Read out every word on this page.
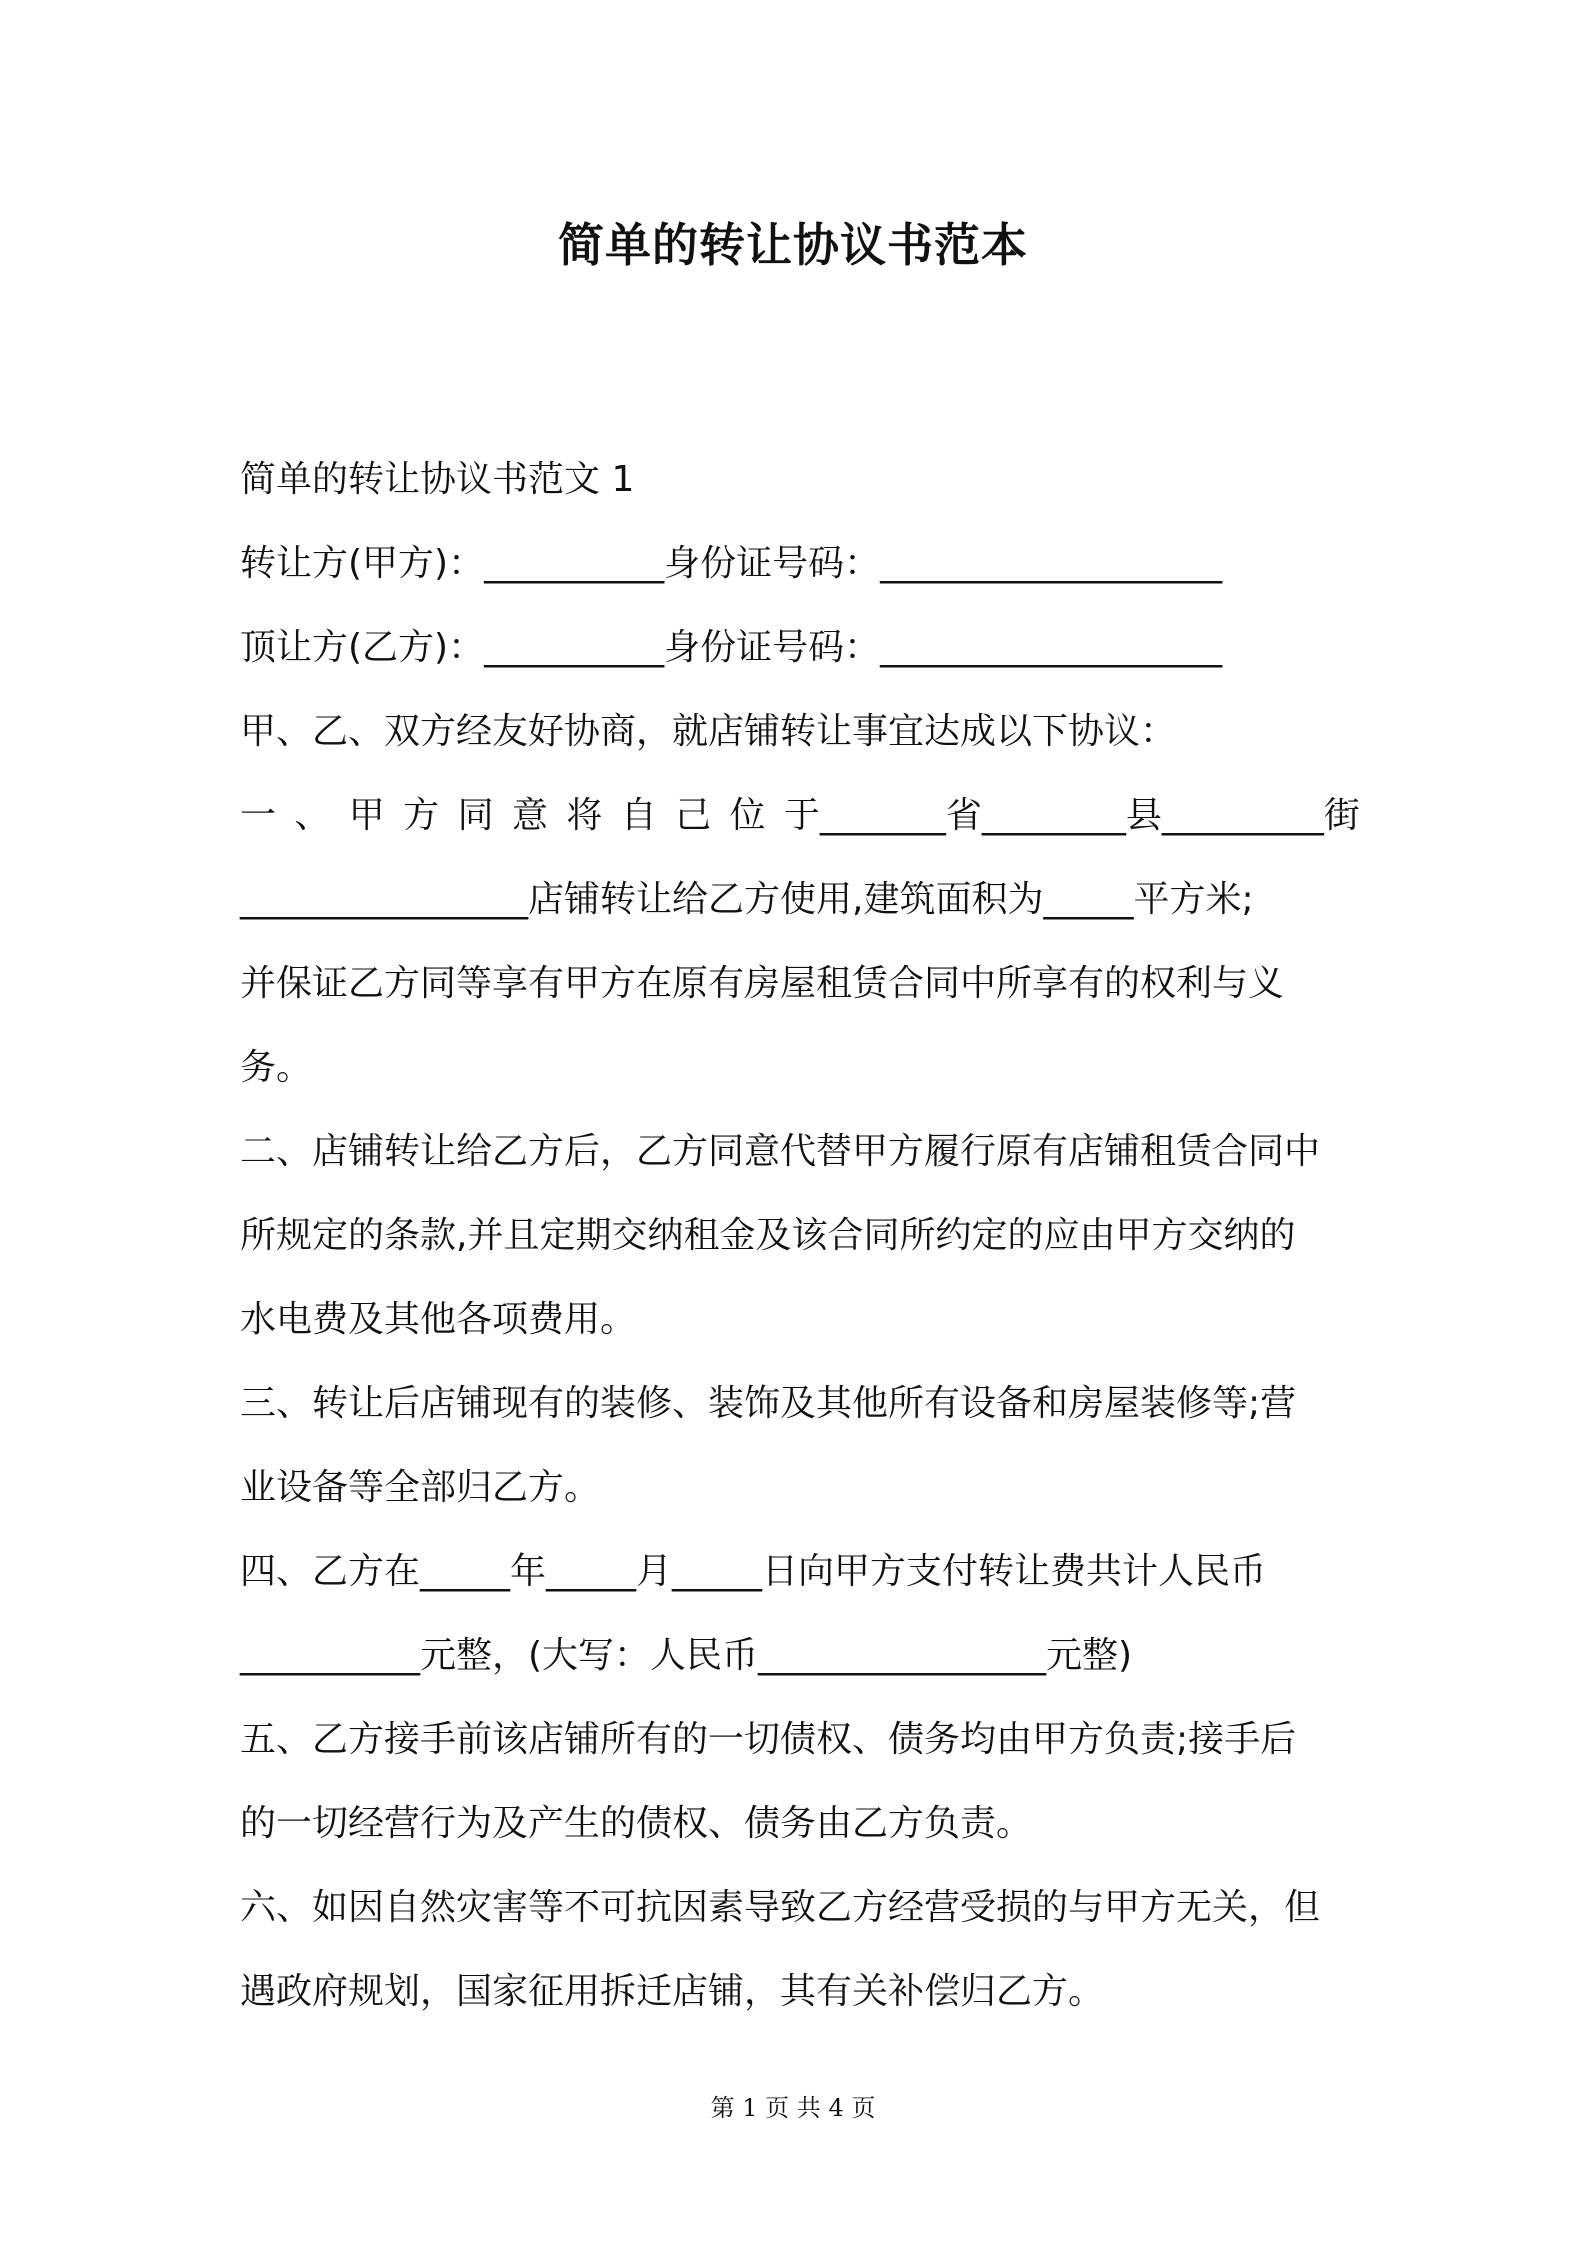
简单的转让协议书范本
简单的转让协议书范文 1
转让方(甲方)：__________身份证号码：___________________
顶让方(乙方)：__________身份证号码：___________________
甲、乙、双方经友好协商，就店铺转让事宜达成以下协议：
一 、 甲 方 同 意 将 自 己 位 于_______省________县_________街
________________店铺转让给乙方使用,建筑面积为_____平方米;
并保证乙方同等享有甲方在原有房屋租赁合同中所享有的权利与义
务。
二、店铺转让给乙方后，乙方同意代替甲方履行原有店铺租赁合同中
所规定的条款,并且定期交纳租金及该合同所约定的应由甲方交纳的
水电费及其他各项费用。
三、转让后店铺现有的装修、装饰及其他所有设备和房屋装修等;营
业设备等全部归乙方。
四、乙方在_____年_____月_____日向甲方支付转让费共计人民币
__________元整，(大写：人民币________________元整)
五、乙方接手前该店铺所有的一切债权、债务均由甲方负责;接手后
的一切经营行为及产生的债权、债务由乙方负责。
六、如因自然灾害等不可抗因素导致乙方经营受损的与甲方无关，但
遇政府规划，国家征用拆迁店铺，其有关补偿归乙方。
第 1 页 共 4 页
